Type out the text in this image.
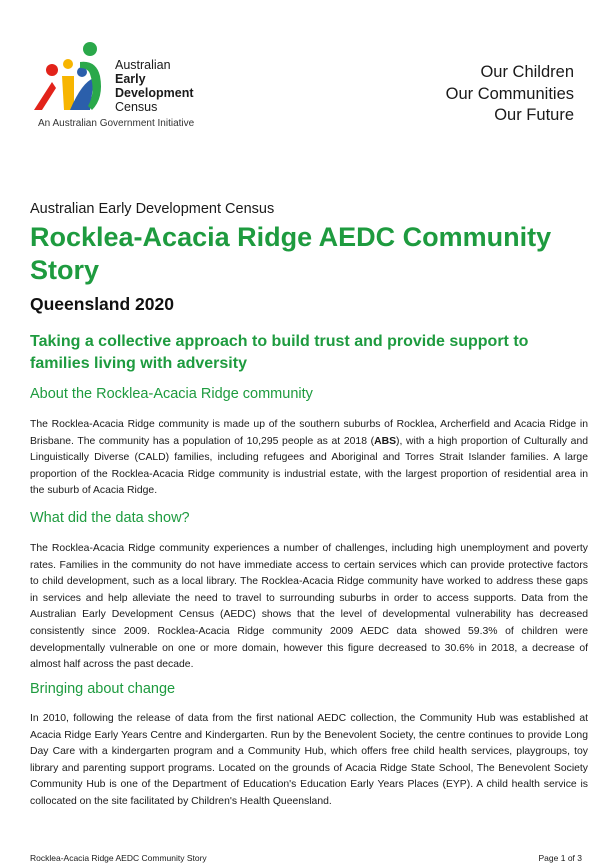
Australian
Early
Development
Census
An Australian Government Initiative
Our Children
Our Communities
Our Future
Australian Early Development Census
Rocklea-Acacia Ridge AEDC Community Story
Queensland 2020
Taking a collective approach to build trust and provide support to families living with adversity
About the Rocklea-Acacia Ridge community

The Rocklea-Acacia Ridge community is made up of the southern suburbs of Rocklea, Archerfield and Acacia Ridge in Brisbane. The community has a population of 10,295 people as at 2018 (ABS), with a high proportion of Culturally and Linguistically Diverse (CALD) families, including refugees and Aboriginal and Torres Strait Islander families. A large proportion of the Rocklea-Acacia Ridge community is industrial estate, with the largest proportion of residential area in the suburb of Acacia Ridge.

What did the data show?

The Rocklea-Acacia Ridge community experiences a number of challenges, including high unemployment and poverty rates. Families in the community do not have immediate access to certain services which can provide protective factors to child development, such as a local library. The Rocklea-Acacia Ridge community have worked to address these gaps in services and help alleviate the need to travel to surrounding suburbs in order to access supports. Data from the Australian Early Development Census (AEDC) shows that the level of developmental vulnerability has decreased consistently since 2009. Rocklea-Acacia Ridge community 2009 AEDC data showed 59.3% of children were developmentally vulnerable on one or more domain, however this figure decreased to 30.6% in 2018, a decrease of almost half across the past decade.

Bringing about change

In 2010, following the release of data from the first national AEDC collection, the Community Hub was established at Acacia Ridge Early Years Centre and Kindergarten. Run by the Benevolent Society, the centre continues to provide Long Day Care with a kindergarten program and a Community Hub, which offers free child health services, playgroups, toy library and parenting support programs. Located on the grounds of Acacia Ridge State School, The Benevolent Society Community Hub is one of the Department of Education's Education Early Years Places (EYP). A child health service is collocated on the site facilitated by Children's Health Queensland.

Rocklea-Acacia Ridge AEDC Community Story	Page 1 of 3
